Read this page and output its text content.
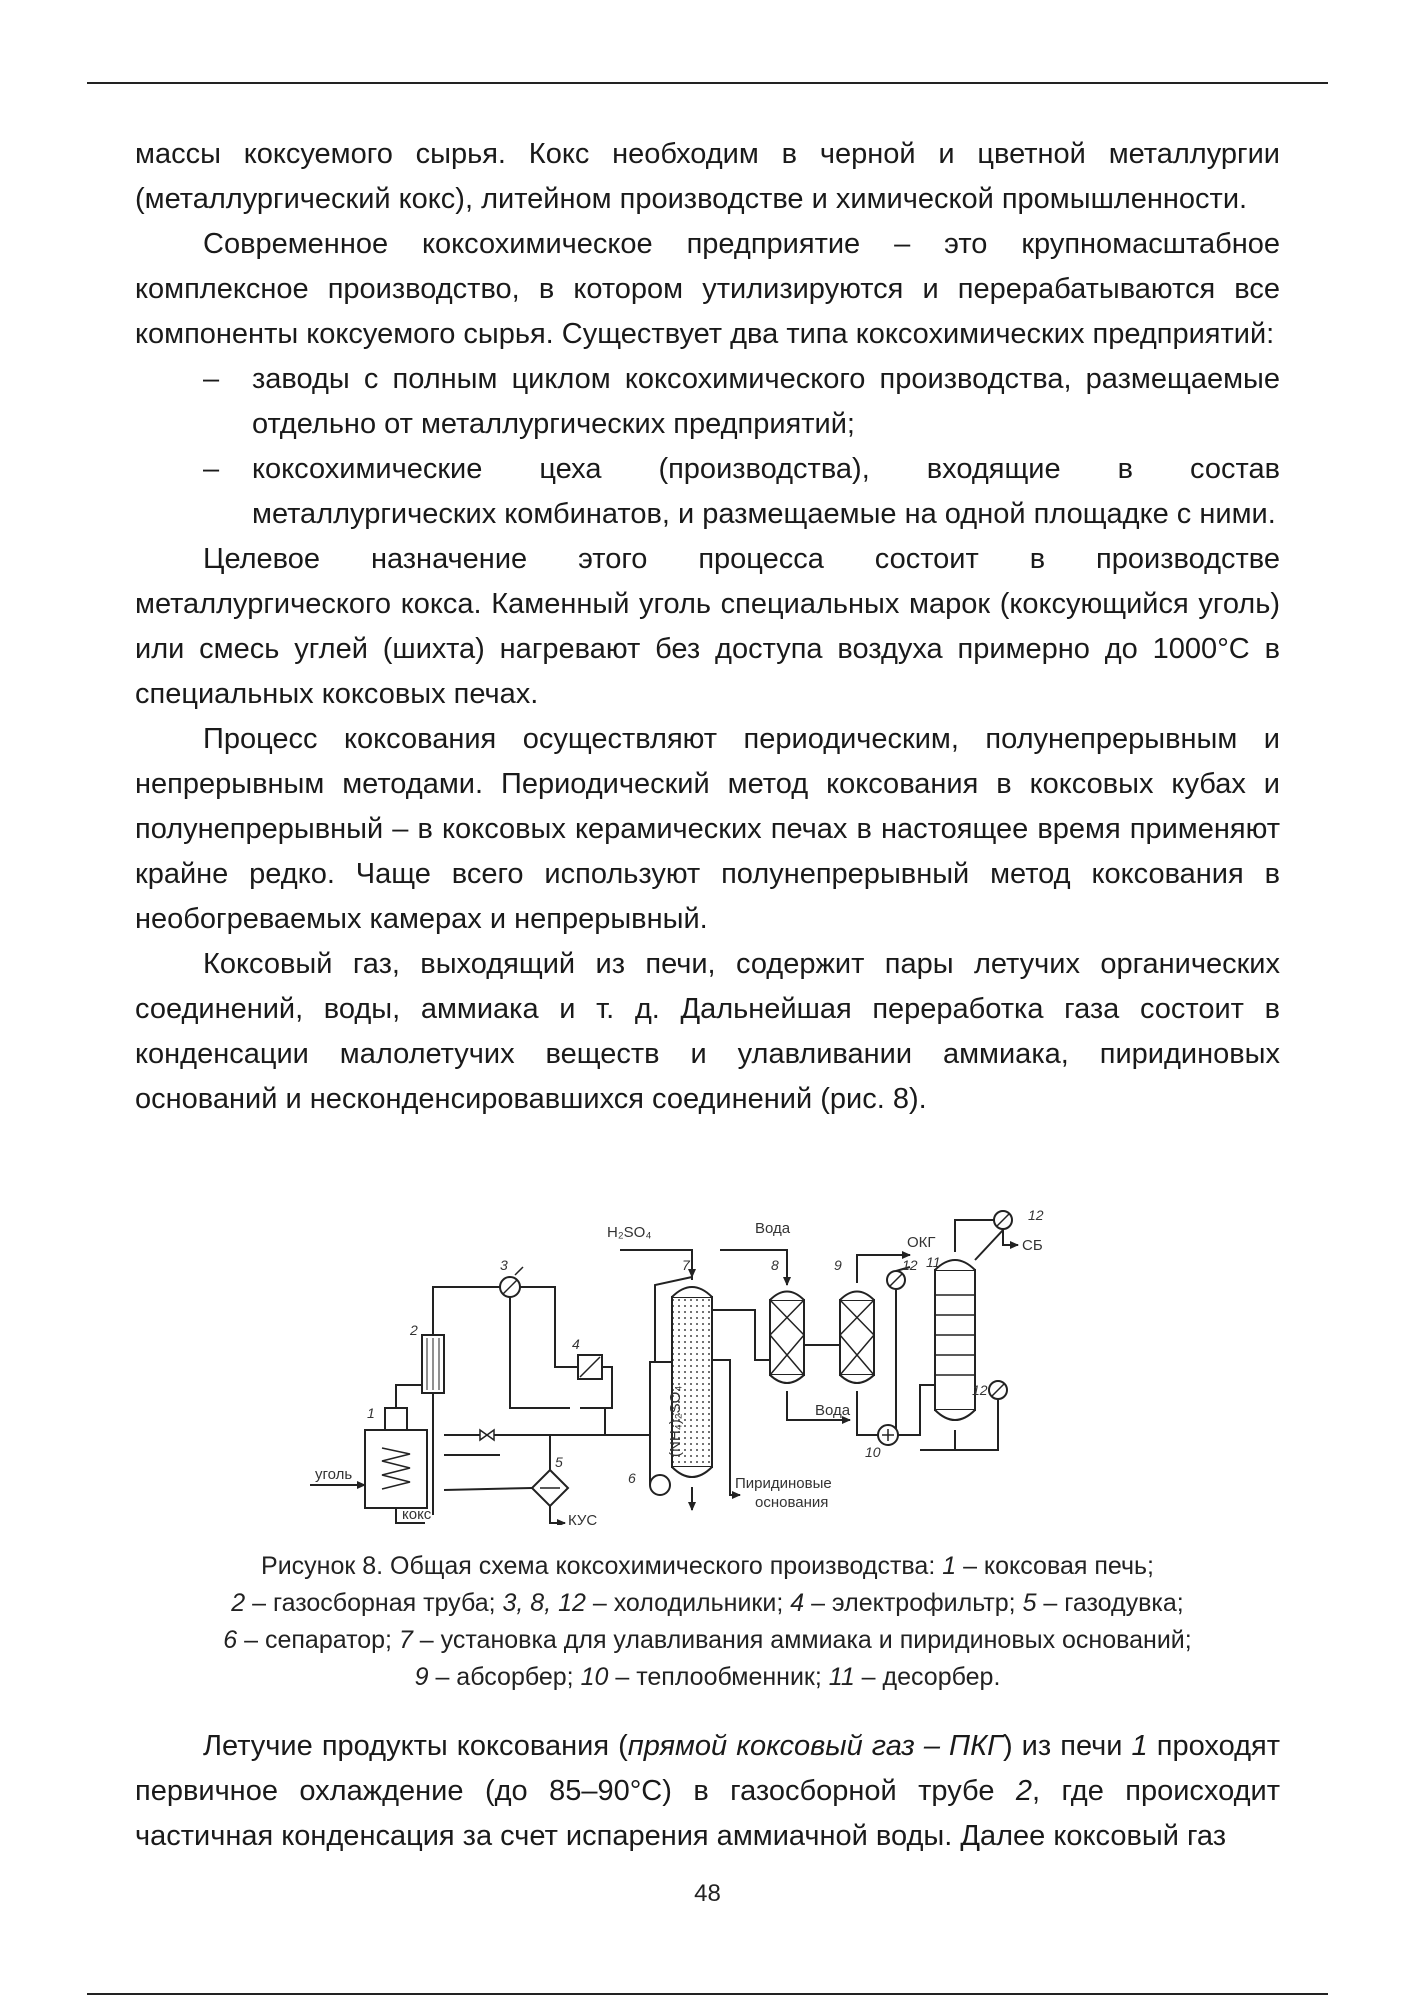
массы коксуемого сырья. Кокс необходим в черной и цветной металлургии (металлургический кокс), литейном производстве и химической промышленности.

Современное коксохимическое предприятие – это крупномасштабное комплексное производство, в котором утилизируются и перерабатываются все компоненты коксуемого сырья. Существует два типа коксохимических предприятий:

– заводы с полным циклом коксохимического производства, размещаемые отдельно от металлургических предприятий;

– коксохимические цеха (производства), входящие в состав металлургических комбинатов, и размещаемые на одной площадке с ними.

Целевое назначение этого процесса состоит в производстве металлургического кокса. Каменный уголь специальных марок (коксующийся уголь) или смесь углей (шихта) нагревают без доступа воздуха примерно до 1000°С в специальных коксовых печах.

Процесс коксования осуществляют периодическим, полунепрерывным и непрерывным методами. Периодический метод коксования в коксовых кубах и полунепрерывный – в коксовых керамических печах в настоящее время применяют крайне редко. Чаще всего используют полунепрерывный метод коксования в необогреваемых камерах и непрерывный.

Коксовый газ, выходящий из печи, содержит пары летучих органических соединений, воды, аммиака и т. д. Дальнейшая переработка газа состоит в конденсации малолетучих веществ и улавливании аммиака, пиридиновых оснований и несконденсировавшихся соединений (рис. 8).

H₂SO₄	Вода
ОКГ	СБ
Вода
(NH₄)₂SO₄
Пиридиновые
основания
уголь
кокс	КУС
1
2
3
4
5
6
7	8	9	12
12
12
10
11
Рисунок 8. Общая схема коксохимического производства: 1 – коксовая печь;
2 – газосборная труба; 3, 8, 12 – холодильники; 4 – электрофильтр; 5 – газодувка;
6 – сепаратор; 7 – установка для улавливания аммиака и пиридиновых оснований;
9 – абсорбер; 10 – теплообменник; 11 – десорбер.

Летучие продукты коксования (прямой коксовый газ – ПКГ) из печи 1 проходят первичное охлаждение (до 85–90°С) в газосборной трубе 2, где происходит частичная конденсация за счет испарения аммиачной воды. Далее коксовый газ

48
